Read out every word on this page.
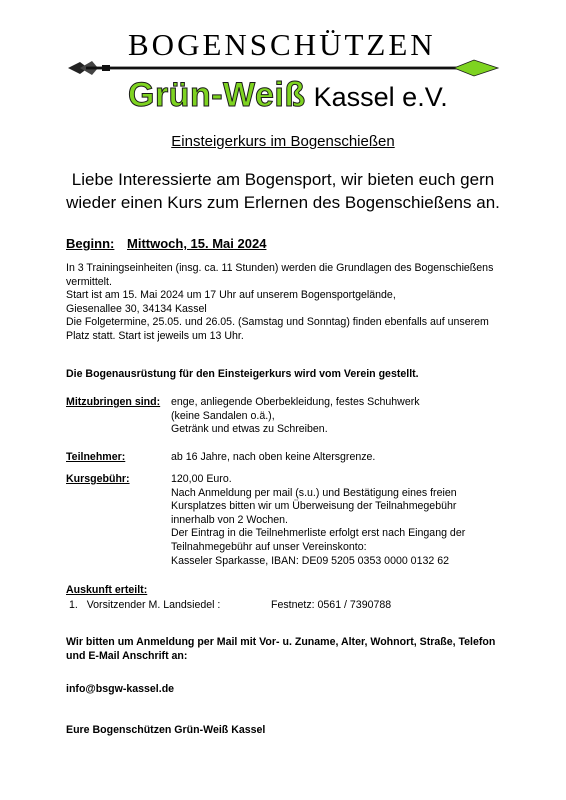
BOGENSCHÜTZEN
Grün-Weiß Kassel e.V.
Einsteigerkurs im Bogenschießen
Liebe Interessierte am Bogensport, wir bieten euch gern
wieder einen Kurs zum Erlernen des Bogenschießens an.
Beginn: Mittwoch, 15. Mai 2024
In 3 Trainingseinheiten (insg. ca. 11 Stunden) werden die Grundlagen des Bogenschießens
vermittelt.
Start ist am 15. Mai 2024 um 17 Uhr auf unserem Bogensportgelände,
Giesenallee 30, 34134 Kassel
Die Folgetermine, 25.05. und 26.05. (Samstag und Sonntag) finden ebenfalls auf unserem
Platz statt. Start ist jeweils um 13 Uhr.
Die Bogenausrüstung für den Einsteigerkurs wird vom Verein gestellt.
Mitzubringen sind: enge, anliegende Oberbekleidung, festes Schuhwerk
(keine Sandalen o.ä.),
Getränk und etwas zu Schreiben.
Teilnehmer:	ab 16 Jahre, nach oben keine Altersgrenze.
Kursgebühr:	120,00 Euro.
Nach Anmeldung per mail (s.u.) und Bestätigung eines freien
Kursplatzes bitten wir um Überweisung der Teilnahmegebühr
innerhalb von 2 Wochen.
Der Eintrag in die Teilnehmerliste erfolgt erst nach Eingang der
Teilnahmegebühr auf unser Vereinskonto:
Kasseler Sparkasse, IBAN: DE09 5205 0353 0000 0132 62
Auskunft erteilt:
1. Vorsitzender M. Landsiedel :	Festnetz: 0561 / 7390788
Wir bitten um Anmeldung per Mail mit Vor- u. Zuname, Alter, Wohnort, Straße, Telefon
und E-Mail Anschrift an:
info@bsgw-kassel.de
Eure Bogenschützen Grün-Weiß Kassel
